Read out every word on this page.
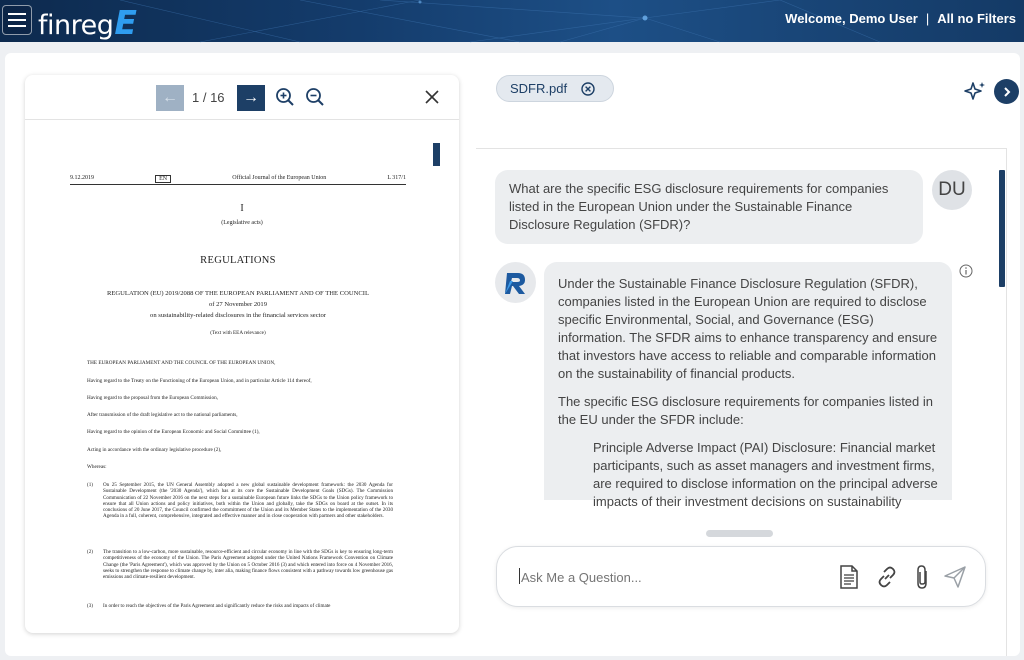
finreg E	Welcome, Demo User | All no Filters
←	1 / 16	→
9.12.2019	EN	Official Journal of the European Union	L 317/1
I
(Legislative acts)
REGULATIONS
REGULATION (EU) 2019/2088 OF THE EUROPEAN PARLIAMENT AND OF THE COUNCIL
of 27 November 2019
on sustainability-related disclosures in the financial services sector
(Text with EEA relevance)
THE EUROPEAN PARLIAMENT AND THE COUNCIL OF THE EUROPEAN UNION,
Having regard to the Treaty on the Functioning of the European Union, and in particular Article 114 thereof,
Having regard to the proposal from the European Commission,
After transmission of the draft legislative act to the national parliaments,
Having regard to the opinion of the European Economic and Social Committee (1),
Acting in accordance with the ordinary legislative procedure (2),
Whereas:
(1) On 25 September 2015, the UN General Assembly adopted a new global sustainable development framework: the 2030 Agenda for Sustainable Development (the '2030 Agenda'), which has at its core the Sustainable Development Goals (SDGs). The Commission Communication of 22 November 2016 on the next steps for a sustainable European future links the SDGs to the Union policy framework to ensure that all Union actions and policy initiatives, both within the Union and globally, take the SDGs on board at the outset. In its conclusions of 20 June 2017, the Council confirmed the commitment of the Union and its Member States to the implementation of the 2030 Agenda in a full, coherent, comprehensive, integrated and effective manner and in close cooperation with partners and other stakeholders.
(2) The transition to a low-carbon, more sustainable, resource-efficient and circular economy in line with the SDGs is key to ensuring long-term competitiveness of the economy of the Union. The Paris Agreement adopted under the United Nations Framework Convention on Climate Change (the 'Paris Agreement'), which was approved by the Union on 5 October 2016 (3) and which entered into force on 4 November 2016, seeks to strengthen the response to climate change by, inter alia, making finance flows consistent with a pathway towards low greenhouse gas emissions and climate-resilient development.
(3) In order to reach the objectives of the Paris Agreement and significantly reduce the risks and impacts of climate
SDFR.pdf
What are the specific ESG disclosure requirements for companies listed in the European Union under the Sustainable Finance Disclosure Regulation (SFDR)?
DU

Under the Sustainable Finance Disclosure Regulation (SFDR), companies listed in the European Union are required to disclose specific Environmental, Social, and Governance (ESG) information. The SFDR aims to enhance transparency and ensure that investors have access to reliable and comparable information on the sustainability of financial products.

The specific ESG disclosure requirements for companies listed in the EU under the SFDR include:

Principle Adverse Impact (PAI) Disclosure: Financial market participants, such as asset managers and investment firms, are required to disclose information on the principal adverse impacts of their investment decisions on sustainability

Ask Me a Question...
